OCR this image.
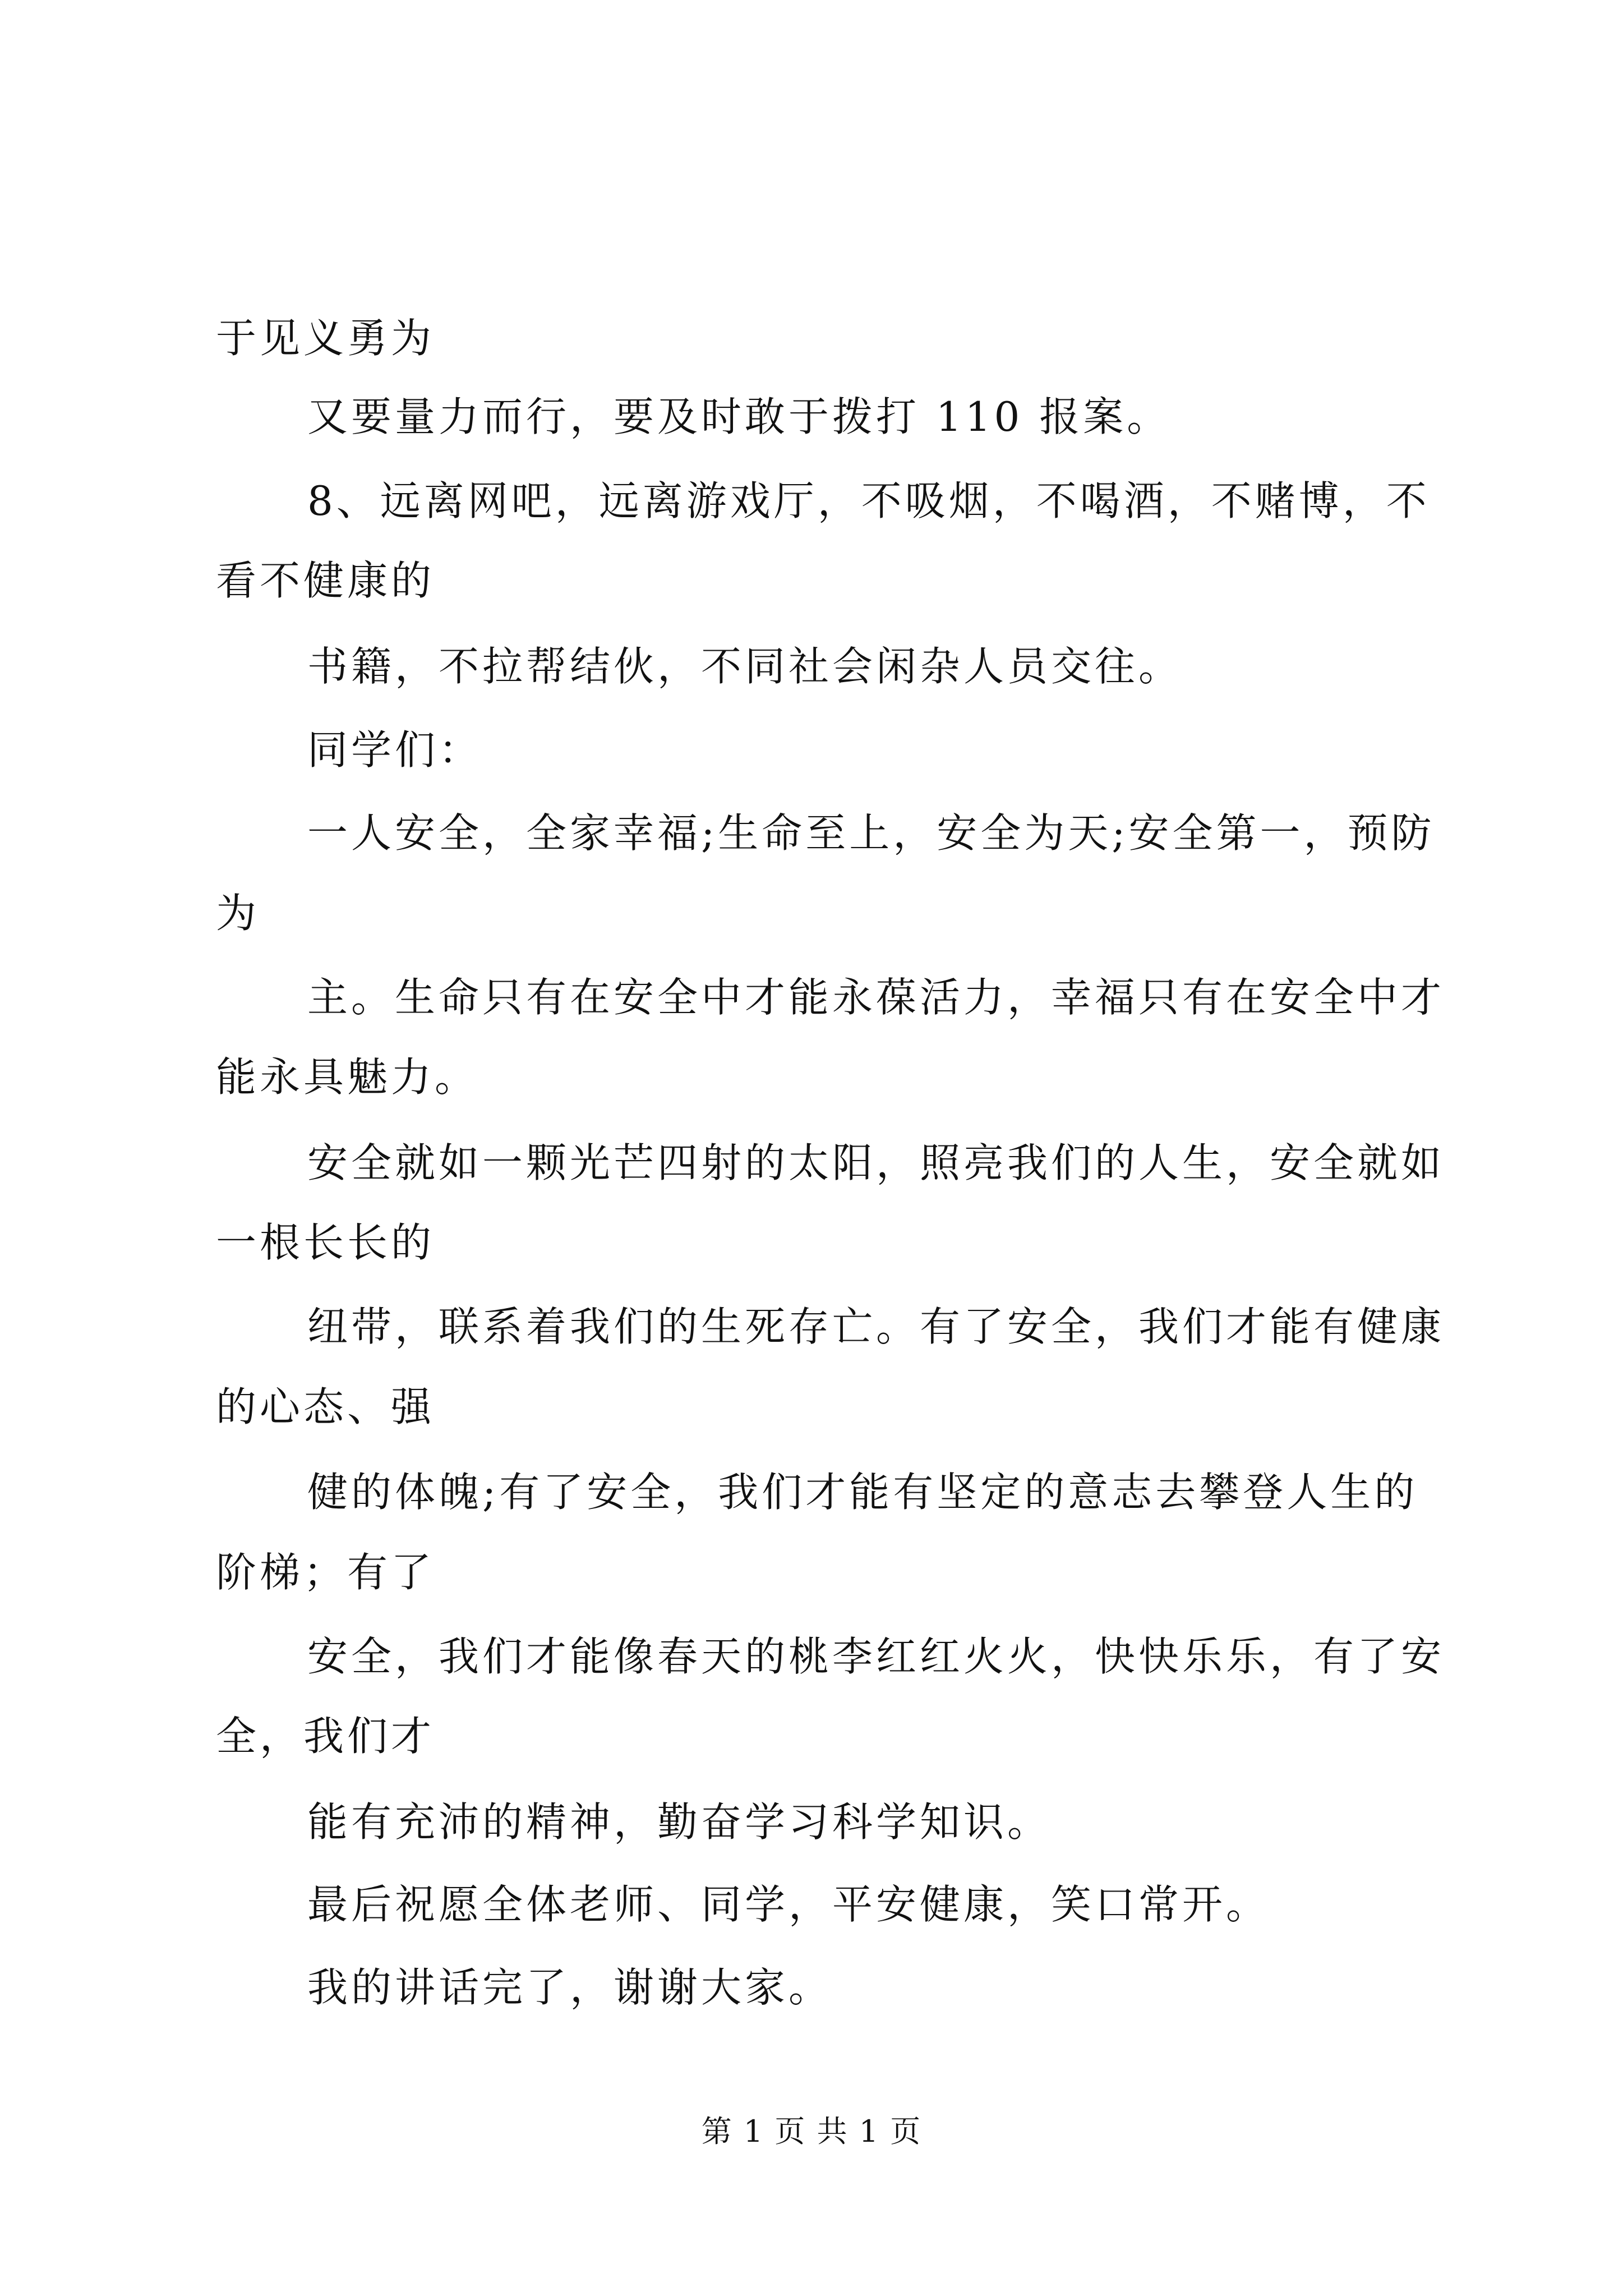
于见义勇为
又要量力而行，要及时敢于拨打 110 报案。
8、远离网吧，远离游戏厅，不吸烟，不喝酒，不赌博，不
看不健康的
书籍，不拉帮结伙，不同社会闲杂人员交往。
同学们：
一人安全，全家幸福;生命至上，安全为天;安全第一，预防
为
主。生命只有在安全中才能永葆活力，幸福只有在安全中才
能永具魅力。
安全就如一颗光芒四射的太阳，照亮我们的人生，安全就如
一根长长的
纽带，联系着我们的生死存亡。有了安全，我们才能有健康
的心态、强
健的体魄;有了安全，我们才能有坚定的意志去攀登人生的
阶梯；有了
安全，我们才能像春天的桃李红红火火，快快乐乐，有了安
全，我们才
能有充沛的精神，勤奋学习科学知识。
最后祝愿全体老师、同学，平安健康，笑口常开。
我的讲话完了，谢谢大家。
第 1 页 共 1 页
